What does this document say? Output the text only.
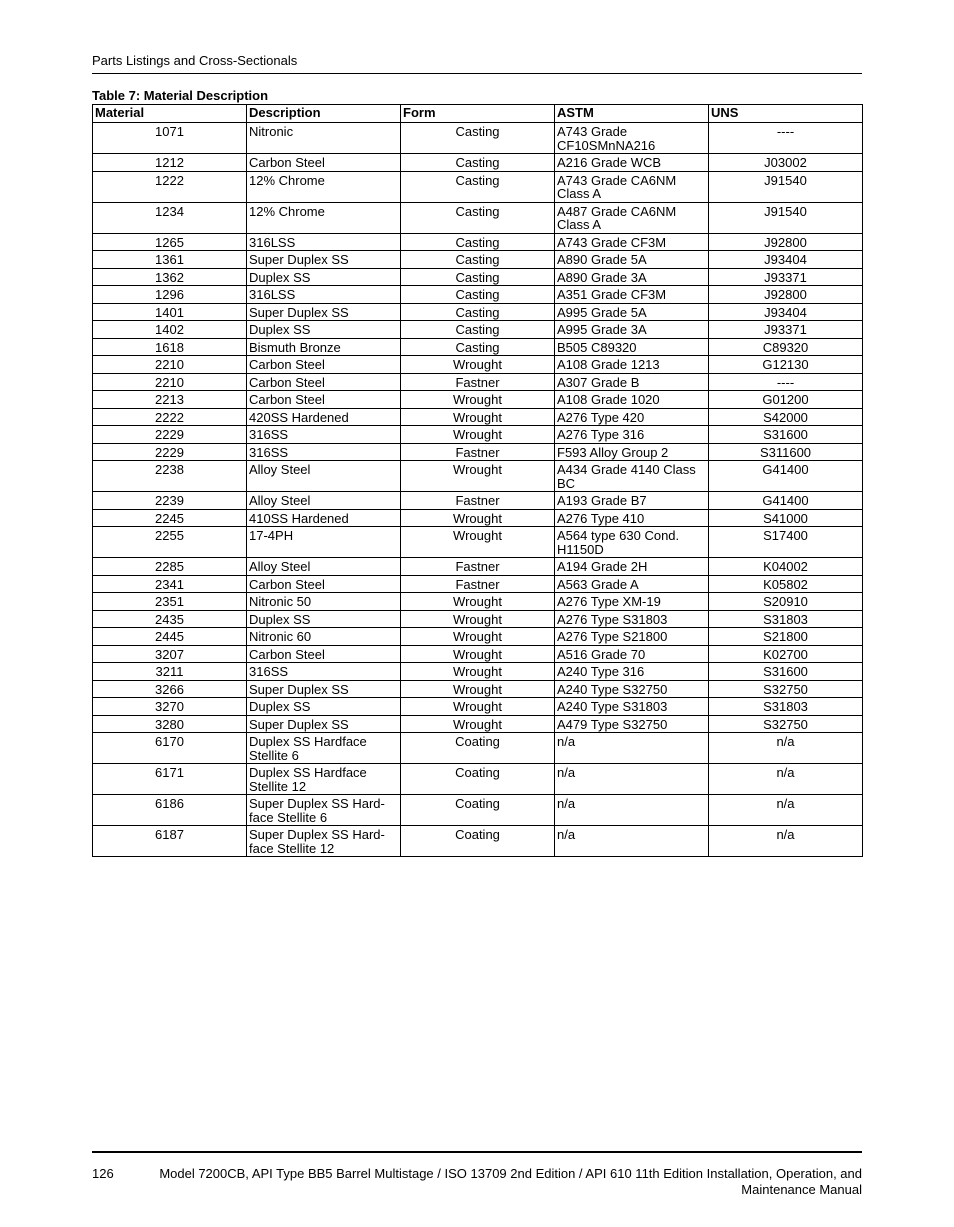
Parts Listings and Cross-Sectionals
Table 7: Material Description
Material	Description	Form	ASTM	UNS
1071	Nitronic	Casting	A743 Grade CF10SMnNA216	----
1212	Carbon Steel	Casting	A216 Grade WCB	J03002
1222	12% Chrome	Casting	A743 Grade CA6NM Class A	J91540
1234	12% Chrome	Casting	A487 Grade CA6NM Class A	J91540
1265	316LSS	Casting	A743 Grade CF3M	J92800
1361	Super Duplex SS	Casting	A890 Grade 5A	J93404
1362	Duplex SS	Casting	A890 Grade 3A	J93371
1296	316LSS	Casting	A351 Grade CF3M	J92800
1401	Super Duplex SS	Casting	A995 Grade 5A	J93404
1402	Duplex SS	Casting	A995 Grade 3A	J93371
1618	Bismuth Bronze	Casting	B505 C89320	C89320
2210	Carbon Steel	Wrought	A108 Grade 1213	G12130
2210	Carbon Steel	Fastner	A307 Grade B	----
2213	Carbon Steel	Wrought	A108 Grade 1020	G01200
2222	420SS Hardened	Wrought	A276 Type 420	S42000
2229	316SS	Wrought	A276 Type 316	S31600
2229	316SS	Fastner	F593 Alloy Group 2	S311600
2238	Alloy Steel	Wrought	A434 Grade 4140 Class BC	G41400
2239	Alloy Steel	Fastner	A193 Grade B7	G41400
2245	410SS Hardened	Wrought	A276 Type 410	S41000
2255	17-4PH	Wrought	A564 type 630 Cond. H1150D	S17400
2285	Alloy Steel	Fastner	A194 Grade 2H	K04002
2341	Carbon Steel	Fastner	A563 Grade A	K05802
2351	Nitronic 50	Wrought	A276 Type XM-19	S20910
2435	Duplex SS	Wrought	A276 Type S31803	S31803
2445	Nitronic 60	Wrought	A276 Type S21800	S21800
3207	Carbon Steel	Wrought	A516 Grade 70	K02700
3211	316SS	Wrought	A240 Type 316	S31600
3266	Super Duplex SS	Wrought	A240 Type S32750	S32750
3270	Duplex SS	Wrought	A240 Type S31803	S31803
3280	Super Duplex SS	Wrought	A479 Type S32750	S32750
6170	Duplex SS Hardface Stellite 6	Coating	n/a	n/a
6171	Duplex SS Hardface Stellite 12	Coating	n/a	n/a
6186	Super Duplex SS Hard-face Stellite 6	Coating	n/a	n/a
6187	Super Duplex SS Hard-face Stellite 12	Coating	n/a	n/a
126	Model 7200CB, API Type BB5 Barrel Multistage / ISO 13709 2nd Edition / API 610 11th Edition Installation, Operation, and Maintenance Manual
